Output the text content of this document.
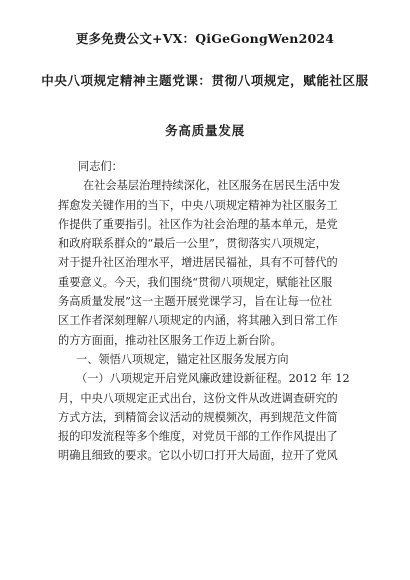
更多免费公文+VX：QiGeGongWen2024
中央八项规定精神主题党课：贯彻八项规定，赋能社区服
务高质量发展
同志们：
在社会基层治理持续深化，社区服务在居民生活中发
挥愈发关键作用的当下，中央八项规定精神为社区服务工
作提供了重要指引。社区作为社会治理的基本单元，是党
和政府联系群众的“最后一公里”，贯彻落实八项规定，
对于提升社区治理水平，增进居民福祉，具有不可替代的
重要意义。今天，我们围绕“贯彻八项规定，赋能社区服
务高质量发展”这一主题开展党课学习，旨在让每一位社
区工作者深刻理解八项规定的内涵，将其融入到日常工作
的方方面面，推动社区服务工作迈上新台阶。
一、领悟八项规定，锚定社区服务发展方向
（一）八项规定开启党风廉政建设新征程。2012 年 12
月，中央八项规定正式出台，这份文件从改进调查研究的
方式方法，到精简会议活动的规模频次，再到规范文件简
报的印发流程等多个维度，对党员干部的工作作风提出了
明确且细致的要求。它以小切口打开大局面，拉开了党风
